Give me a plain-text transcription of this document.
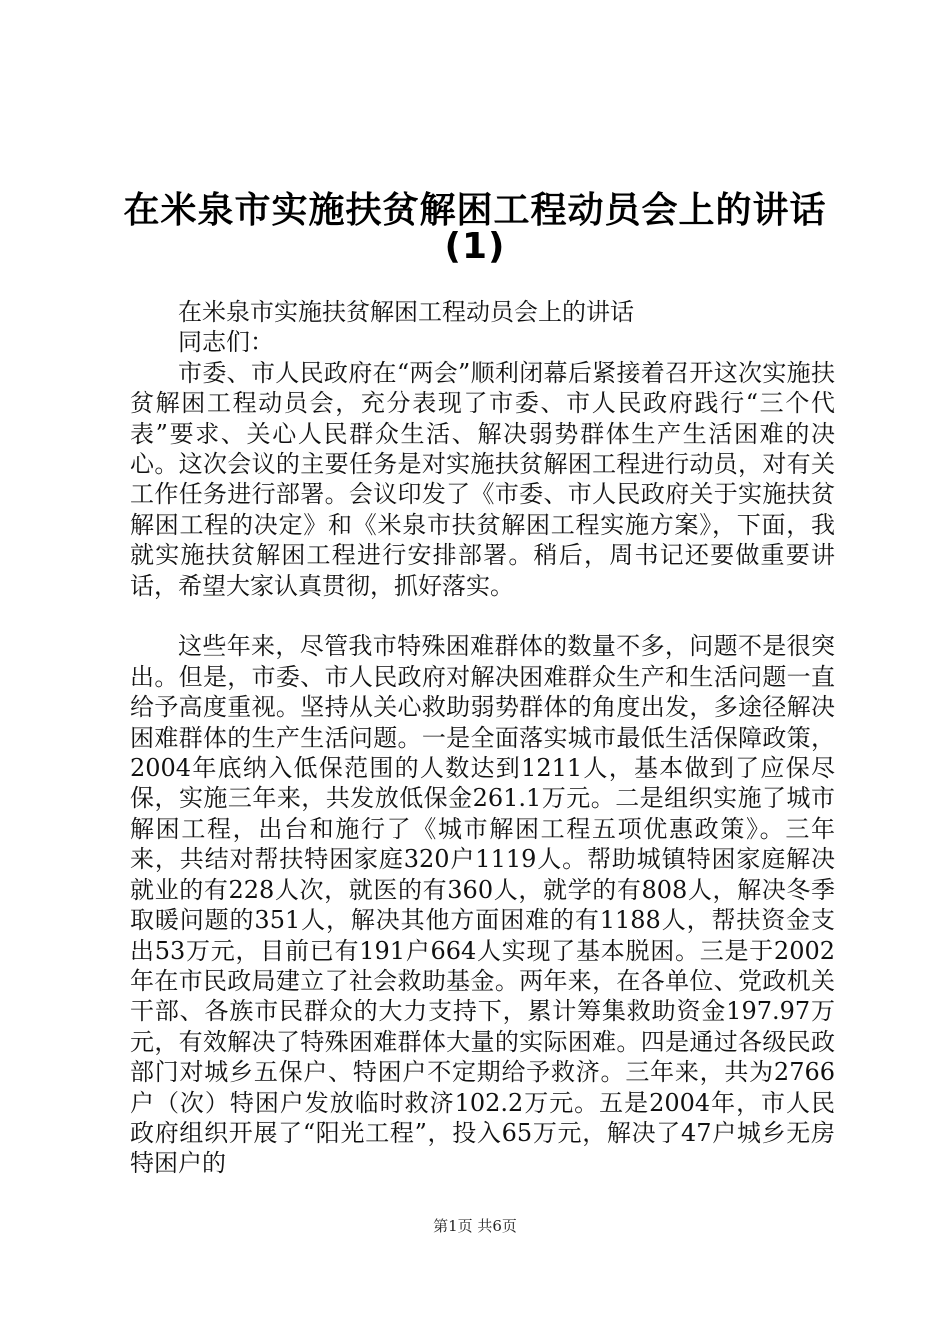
在米泉市实施扶贫解困工程动员会上的讲话
(1)

在米泉市实施扶贫解困工程动员会上的讲话

同志们：

市委、市人民政府在“两会”顺利闭幕后紧接着召开这次实施扶贫解困工程动员会，充分表现了市委、市人民政府践行“三个代表”要求、关心人民群众生活、解决弱势群体生产生活困难的决心。这次会议的主要任务是对实施扶贫解困工程进行动员，对有关工作任务进行部署。会议印发了《市委、市人民政府关于实施扶贫解困工程的决定》和《米泉市扶贫解困工程实施方案》，下面，我就实施扶贫解困工程进行安排部署。稍后，周书记还要做重要讲话，希望大家认真贯彻，抓好落实。

这些年来，尽管我市特殊困难群体的数量不多，问题不是很突出。但是，市委、市人民政府对解决困难群众生产和生活问题一直给予高度重视。坚持从关心救助弱势群体的角度出发，多途径解决困难群体的生产生活问题。一是全面落实城市最低生活保障政策，2004年底纳入低保范围的人数达到1211人，基本做到了应保尽保，实施三年来，共发放低保金261.1万元。二是组织实施了城市解困工程，出台和施行了《城市解困工程五项优惠政策》。三年来，共结对帮扶特困家庭320户1119人。帮助城镇特困家庭解决就业的有228人次，就医的有360人，就学的有808人，解决冬季取暖问题的351人，解决其他方面困难的有1188人，帮扶资金支出53万元，目前已有191户664人实现了基本脱困。三是于2002年在市民政局建立了社会救助基金。两年来，在各单位、党政机关干部、各族市民群众的大力支持下，累计筹集救助资金197.97万元，有效解决了特殊困难群体大量的实际困难。四是通过各级民政部门对城乡五保户、特困户不定期给予救济。三年来，共为2766户（次）特困户发放临时救济102.2万元。五是2004年，市人民政府组织开展了“阳光工程”，投入65万元，解决了47户城乡无房特困户的

第1页 共6页
